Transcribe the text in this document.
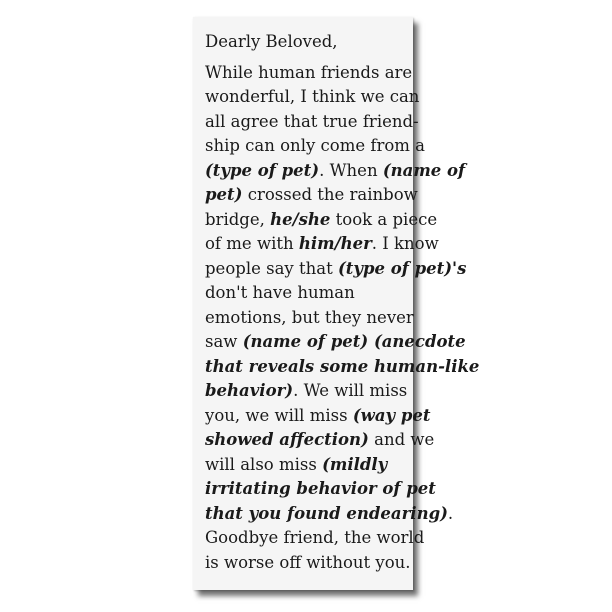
Dearly Beloved,

While human friends are
wonderful, I think we can
all agree that true friend-
ship can only come from a
(type of pet). When (name of
pet) crossed the rainbow
bridge, he/she took a piece
of me with him/her. I know
people say that (type of pet)'s
don't have human
emotions, but they never
saw (name of pet) (anecdote
that reveals some human-like
behavior). We will miss
you, we will miss (way pet
showed affection) and we
will also miss (mildly
irritating behavior of pet
that you found endearing).
Goodbye friend, the world
is worse off without you.
